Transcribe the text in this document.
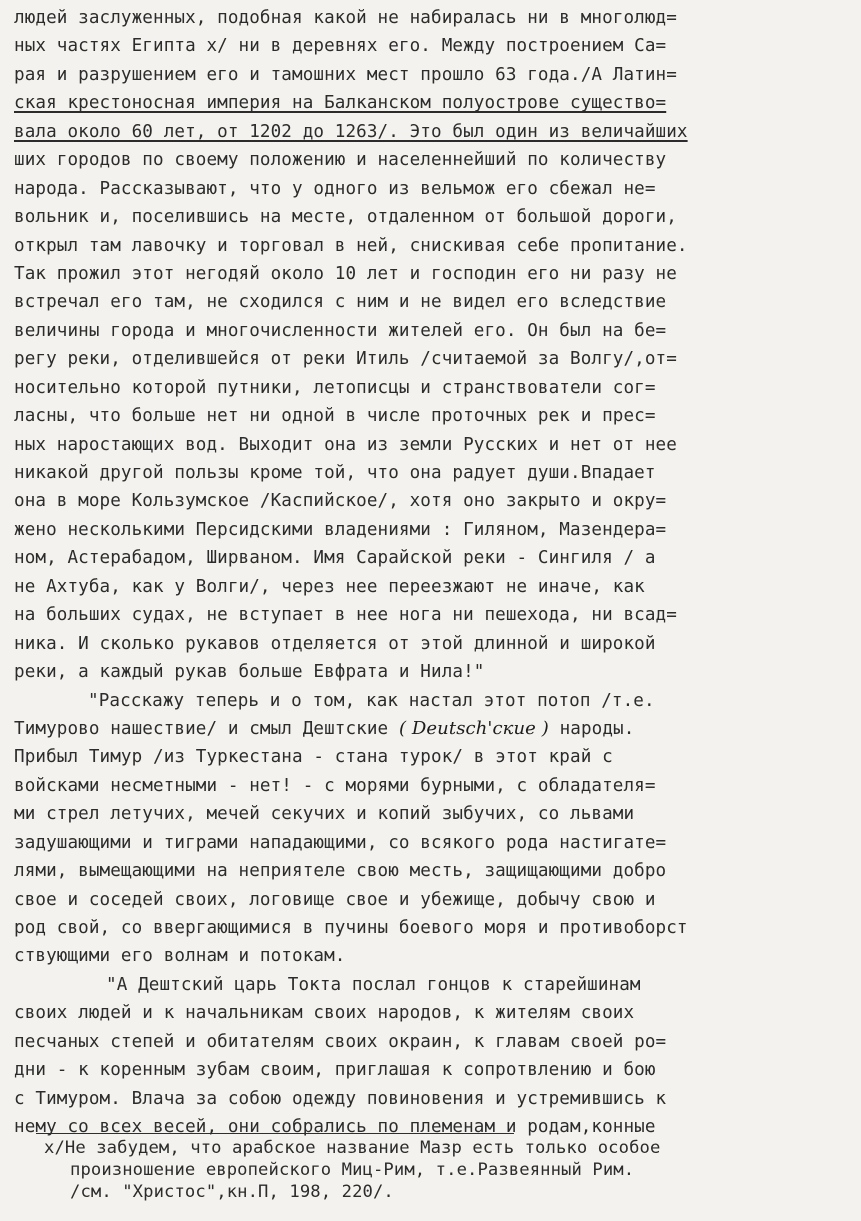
людей заслуженных, подобная какой не набиралась ни в многолюд=
ных частях Египта x/ ни в деревнях его. Между построением Са=
рая и разрушением его и тамошних мест прошло 63 года./А Латин=
ская крестоносная империя на Балканском полуострове существо=
вала около 60 лет, от 1202 до 1263/. Это был один из величайших
ших городов по своему положению и населеннейший по количеству
народа. Рассказывают, что у одного из вельмож его сбежал не=
вольник и, поселившись на месте, отдаленном от большой дороги,
открыл там лавочку и торговал в ней, снискивая себе пропитание.
Так прожил этот негодяй около 10 лет и господин его ни разу не
встречал его там, не сходился с ним и не видел его вследствие
величины города и многочисленности жителей его. Он был на бе=
регу реки, отделившейся от реки Итиль /считаемой за Волгу/,от=
носительно которой путники, летописцы и странствователи сог=
ласны, что больше нет ни одной в числе проточных рек и прес=
ных наростающих вод. Выходит она из земли Русских и нет от нее
никакой другой пользы кроме той, что она радует души.Впадает
она в море Кользумское /Каспийское/, хотя оно закрыто и окру=
жено несколькими Персидскими владениями : Гиляном, Мазендера=
ном, Астерабадом, Ширваном. Имя Сарайской реки - Сингиля / а
не Ахтуба, как у Волги/, через нее переезжают не иначе, как
на больших судах, не вступает в нее нога ни пешехода, ни всад=
ника. И сколько рукавов отделяется от этой длинной и широкой
реки, а каждый рукав больше Евфрата и Нила!"
"Расскажу теперь и о том, как настал этот потоп /т.е.
Тимурово нашествие/ и смыл Дештские ( Deutsch'cкие ) народы.
Прибыл Тимур /из Туркестана - стана турок/ в этот край с
войсками несметными - нет! - с морями бурными, с обладателя=
ми стрел летучих, мечей секучих и копий зыбучих, со львами
задушающими и тиграми нападающими, со всякого рода настигате=
лями, вымещающими на неприятеле свою месть, защищающими добро
свое и соседей своих, логовище свое и убежище, добычу свою и
род свой, со ввергающимися в пучины боевого моря и противоборст
ствующими его волнам и потокам.
"А Дештский царь Токта послал гонцов к старейшинам
своих людей и к начальникам своих народов, к жителям своих
песчаных степей и обитателям своих окраин, к главам своей ро=
дни - к коренным зубам своим, приглашая к сопротвлению и бою
с Тимуром. Влача за собою одежду повиновения и устремившись к
нему со всех весей, они собрались по племенам и родам,конные
x/Не забудем, что арабское название Мазр есть только особое
произношение европейского Миц-Рим, т.е.Развеянный Рим.
/см. "Христос",кн.П, 198, 220/.
